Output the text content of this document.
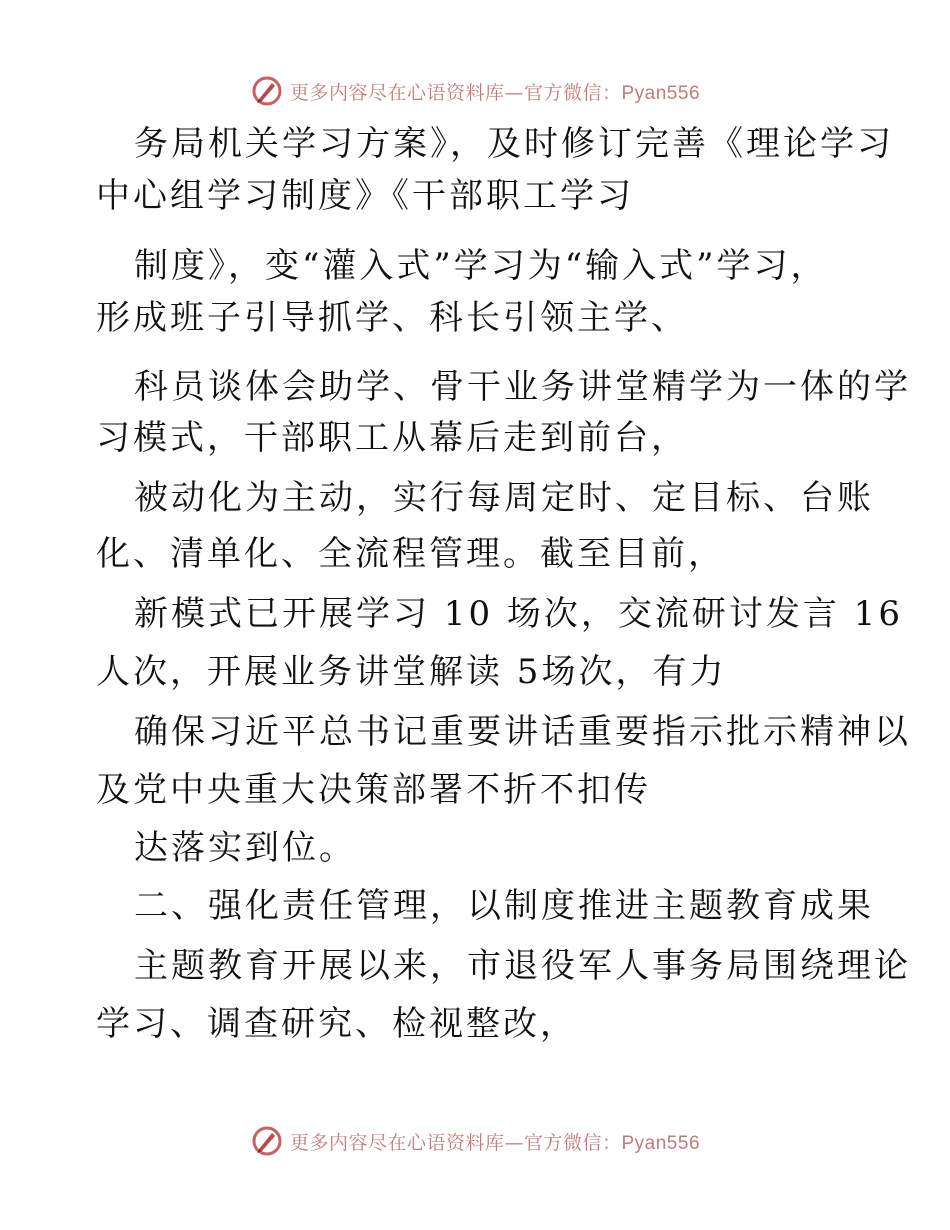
更多内容尽在心语资料库—官方微信：Pyan556
务局机关学习方案》，及时修订完善《理论学习
中心组学习制度》《干部职工学习
制度》，变“灌入式”学习为“输入式”学习，
形成班子引导抓学、科长引领主学、
科员谈体会助学、骨干业务讲堂精学为一体的学
习模式，干部职工从幕后走到前台，
被动化为主动，实行每周定时、定目标、台账
化、清单化、全流程管理。截至目前，
新模式已开展学习 10 场次，交流研讨发言 16
人次，开展业务讲堂解读 5场次，有力
确保习近平总书记重要讲话重要指示批示精神以
及党中央重大决策部署不折不扣传
达落实到位。
二、强化责任管理，以制度推进主题教育成果
主题教育开展以来，市退役军人事务局围绕理论
学习、调查研究、检视整改，
更多内容尽在心语资料库—官方微信：Pyan556
